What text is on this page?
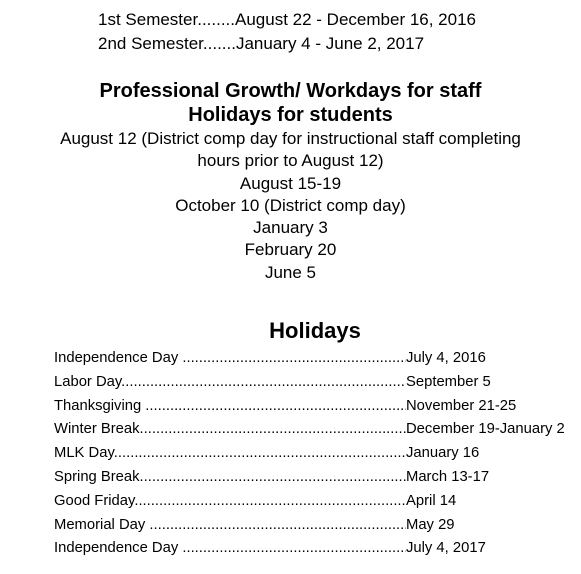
1st Semester........August 22 - December 16, 2016
2nd Semester.......January 4 - June 2, 2017
Professional Growth/ Workdays for staff
Holidays for students
August 12 (District comp day for instructional staff completing
hours prior to August 12)
August 15-19
October 10 (District comp day)
January 3
February 20
June 5
Holidays
Independence Day .....	July 4, 2016
Labor Day .....	September 5
Thanksgiving .....	November 21-25
Winter Break .....	December 19-January 2
MLK Day .....	January 16
Spring Break .....	March 13-17
Good Friday .....	April 14
Memorial Day .....	May 29
Independence Day .....	July 4, 2017
